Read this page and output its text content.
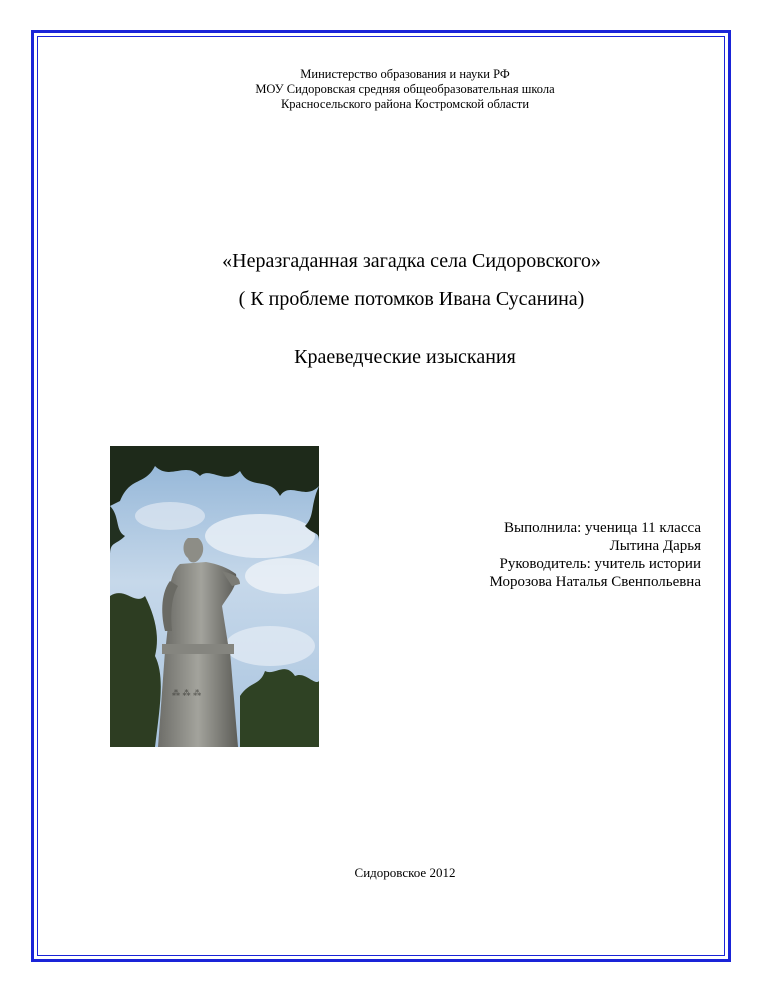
Министерство образования и науки РФ
МОУ Сидоровская средняя общеобразовательная школа
Красносельского района Костромской области
«Неразгаданная загадка села Сидоровского»
( К проблеме потомков Ивана Сусанина)
Краеведческие изыскания
⁂ ⁂ ⁂
Выполнила: ученица 11 класса
Лытина Дарья
Руководитель: учитель истории
Морозова Наталья Свенпольевна
Сидоровское 2012
